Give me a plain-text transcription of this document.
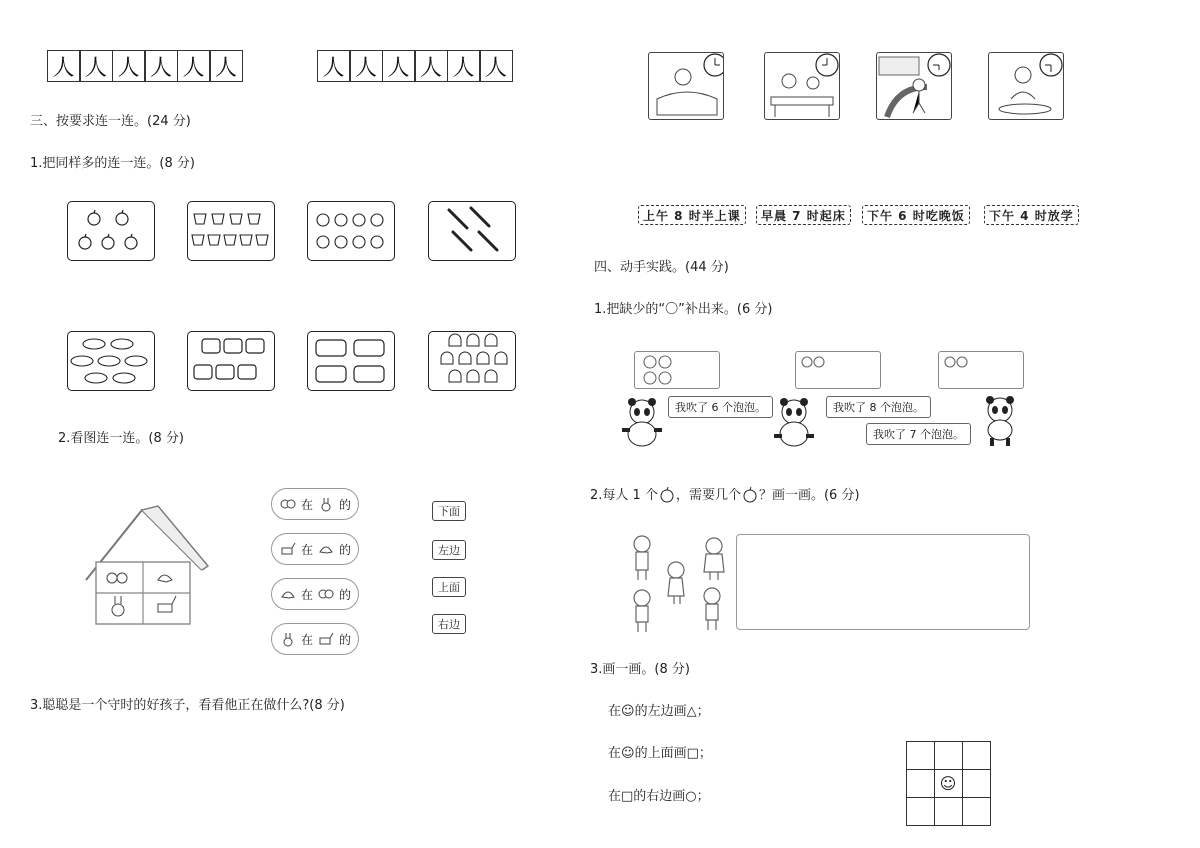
人 人 人 人 人 人	人 人 人 人 人 人
三、按要求连一连。(24 分)
1.把同样多的连一连。(8 分)
2.看图连一连。(8 分)
在 的
在 的
在 的
在 的
下面
左边
上面
右边
3.聪聪是一个守时的好孩子，看看他正在做什么?(8 分)
上午 8 时半上课	早晨 7 时起床	下午 6 时吃晚饭	下午 4 时放学
四、动手实践。(44 分)
1.把缺少的“〇”补出来。(6 分)
我吹了 6 个泡泡。	我吹了 8 个泡泡。
我吹了 7 个泡泡。
2.每人 1 个 ，需要几个 ？画一画。(6 分)
3.画一画。(8 分)
在☺的左边画△；
在☺的上面画□；
在□的右边画○；
☺
